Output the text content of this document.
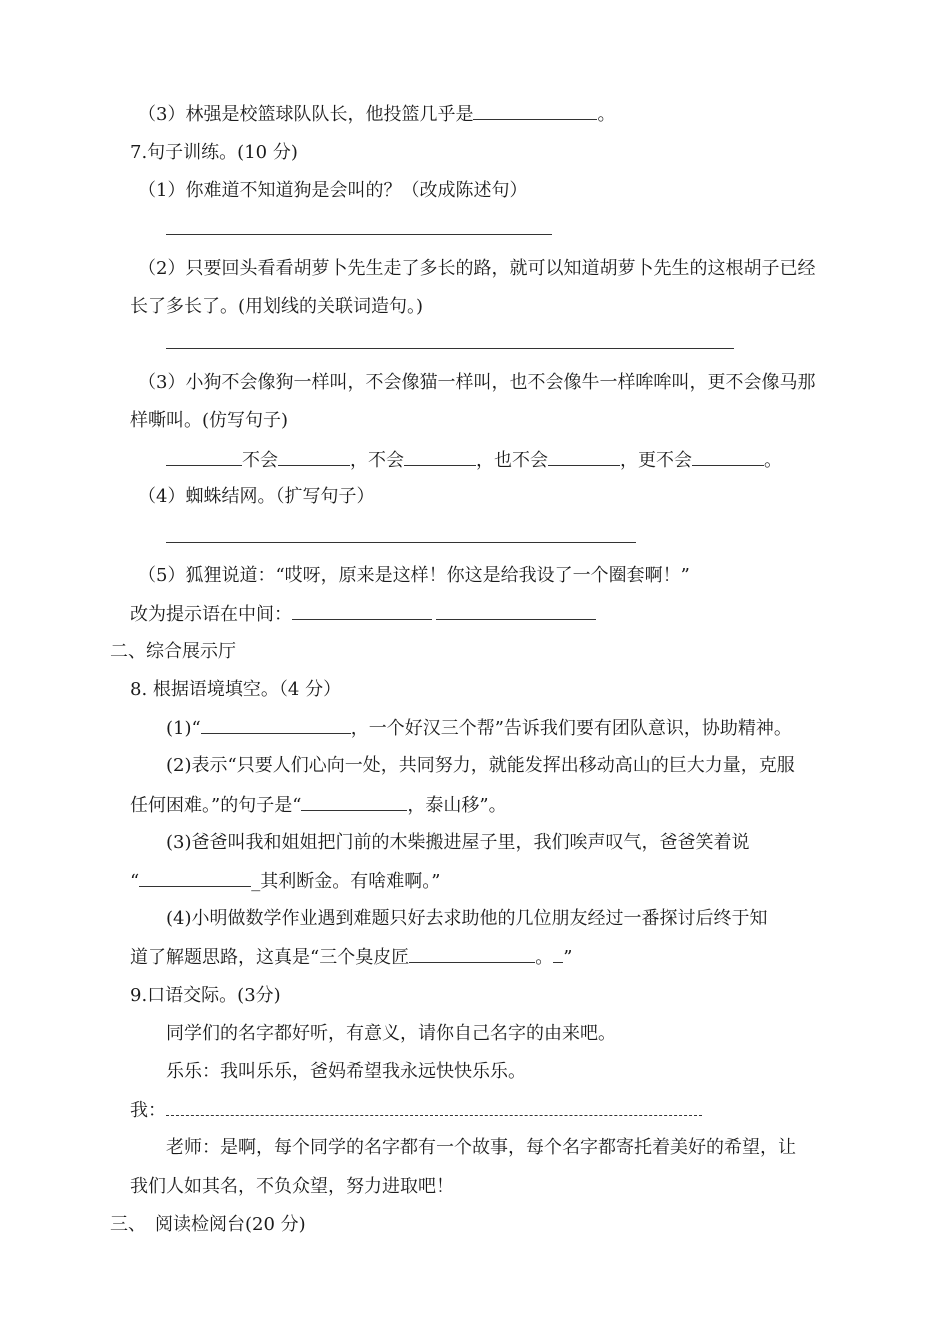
（3）林强是校篮球队队长，他投篮几乎是	。
7.句子训练。(10 分)
（1）你难道不知道狗是会叫的？（改成陈述句）
（2）只要回头看看胡萝卜先生走了多长的路，就可以知道胡萝卜先生的这根胡子已经
长了多长了。(用划线的关联词造句。)
（3）小狗不会像狗一样叫，不会像猫一样叫，也不会像牛一样哞哞叫，更不会像马那
样嘶叫。(仿写句子)
不会	，不会	，也不会	，更不会	。
（4）蜘蛛结网。（扩写句子）
（5）狐狸说道：“哎呀，原来是这样！你这是给我设了一个圈套啊！”
改为提示语在中间：
二、综合展示厅
8. 根据语境填空。（4 分）
(1)“	，一个好汉三个帮”告诉我们要有团队意识，协助精神。
(2)表示“只要人们心向一处，共同努力，就能发挥出移动高山的巨大力量，克服
任何困难。”的句子是“	，泰山移”。
(3)爸爸叫我和姐姐把门前的木柴搬进屋子里，我们唉声叹气，爸爸笑着说
“	_其利断金。有啥难啊。”
(4)小明做数学作业遇到难题只好去求助他的几位朋友经过一番探讨后终于知
道了解题思路，这真是“三个臭皮匠	。 ”
9.口语交际。(3分)
同学们的名字都好听，有意义，请你自己名字的由来吧。
乐乐：我叫乐乐，爸妈希望我永远快快乐乐。
我：
老师：是啊，每个同学的名字都有一个故事，每个名字都寄托着美好的希望，让
我们人如其名，不负众望，努力进取吧！
三、　阅读检阅台(20 分)
